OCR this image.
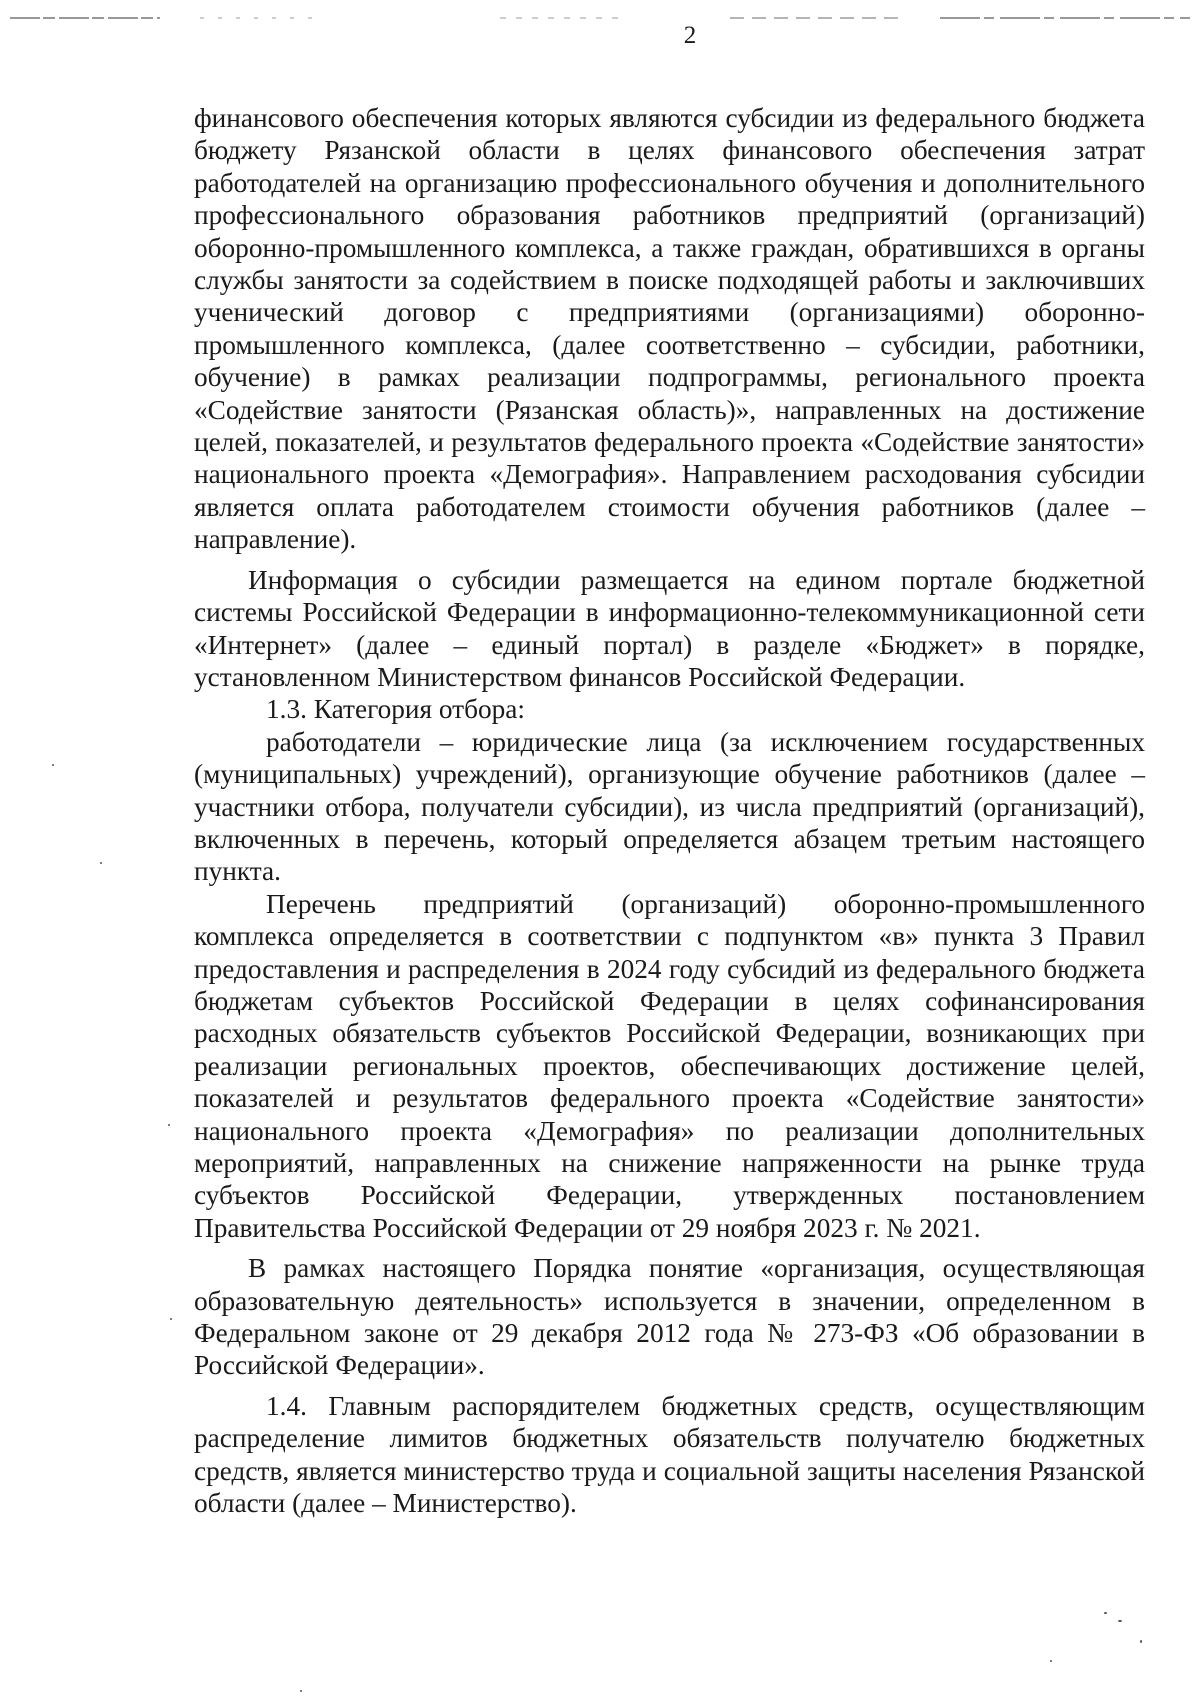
2

финансового обеспечения которых являются субсидии из федерального бюджета бюджету Рязанской области в целях финансового обеспечения затрат работодателей на организацию профессионального обучения и дополнительного профессионального образования работников предприятий (организаций) оборонно-промышленного комплекса, а также граждан, обратившихся в органы службы занятости за содействием в поиске подходящей работы и заключивших ученический договор с предприятиями (организациями) оборонно-промышленного комплекса, (далее соответственно – субсидии, работники, обучение) в рамках реализации подпрограммы, регионального проекта «Содействие занятости (Рязанская область)», направленных на достижение целей, показателей, и результатов федерального проекта «Содействие занятости» национального проекта «Демография». Направлением расходования субсидии является оплата работодателем стоимости обучения работников (далее – направление).

Информация о субсидии размещается на едином портале бюджетной системы Российской Федерации в информационно-телекоммуникационной сети «Интернет» (далее – единый портал) в разделе «Бюджет» в порядке, установленном Министерством финансов Российской Федерации.

1.3. Категория отбора:

работодатели – юридические лица (за исключением государственных (муниципальных) учреждений), организующие обучение работников (далее – участники отбора, получатели субсидии), из числа предприятий (организаций), включенных в перечень, который определяется абзацем третьим настоящего пункта.

Перечень предприятий (организаций) оборонно-промышленного комплекса определяется в соответствии с подпунктом «в» пункта 3 Правил предоставления и распределения в 2024 году субсидий из федерального бюджета бюджетам субъектов Российской Федерации в целях софинансирования расходных обязательств субъектов Российской Федерации, возникающих при реализации региональных проектов, обеспечивающих достижение целей, показателей и результатов федерального проекта «Содействие занятости» национального проекта «Демография» по реализации дополнительных мероприятий, направленных на снижение напряженности на рынке труда субъектов Российской Федерации, утвержденных постановлением Правительства Российской Федерации от 29 ноября 2023 г. № 2021.

В рамках настоящего Порядка понятие «организация, осуществляющая образовательную деятельность» используется в значении, определенном в Федеральном законе от 29 декабря 2012 года № 273-ФЗ «Об образовании в Российской Федерации».

1.4. Главным распорядителем бюджетных средств, осуществляющим распределение лимитов бюджетных обязательств получателю бюджетных средств, является министерство труда и социальной защиты населения Рязанской области (далее – Министерство).
